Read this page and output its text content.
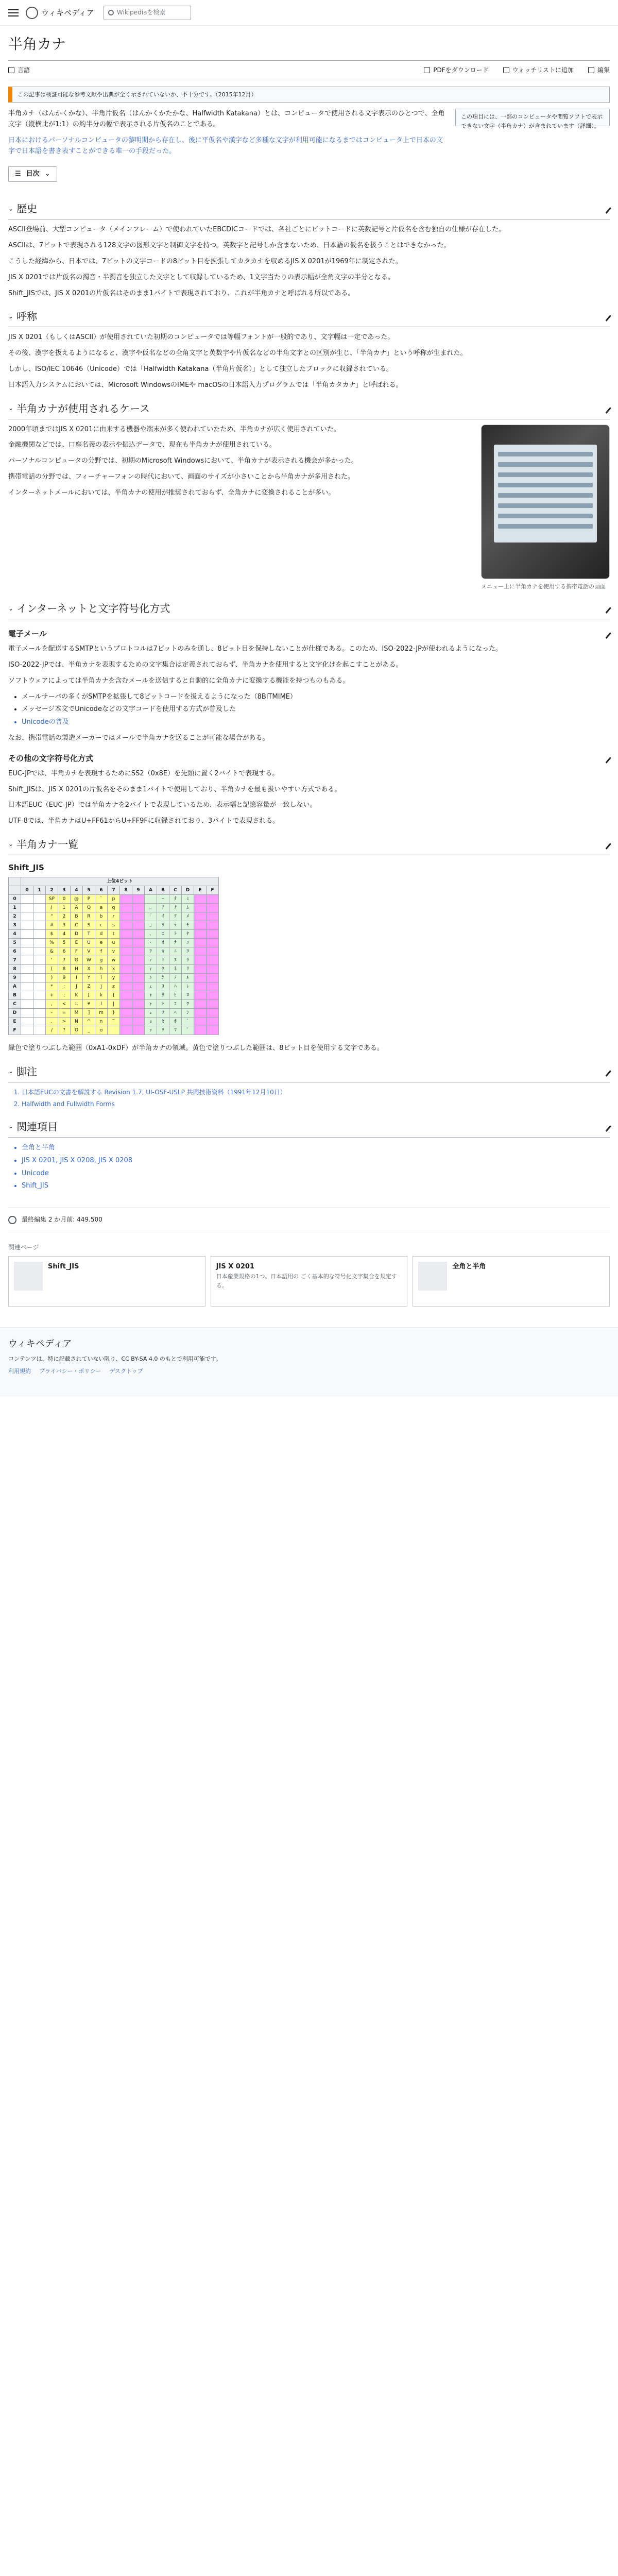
ウィキペディア	Wikipediaを検索
半角カナ
言語	PDFをダウンロード	ウォッチリストに追加	編集
この記事は検証可能な参考文献や出典が全く示されていないか、不十分です。（2015年12月）

半角カナ（はんかくかな）、半角片仮名（はんかくかたかな、Halfwidth Katakana）とは、コンピュータで使用される文字表示のひとつで、全角文字（縦横比が1:1）の約半分の幅で表示される片仮名のことである。

日本におけるパーソナルコンピュータの黎明期から存在し、後に平仮名や漢字など多種な文字が利用可能になるまではコンピュータ上で日本の文字で日本語を書き表すことができる唯一の手段だった。

この項目には、一部のコンピュータや閲覧ソフトで表示できない文字（半角カナ）が含まれています（詳細）。
☰ 目次 ⌄
⌄ 歴史

ASCII登場前、大型コンピュータ（メインフレーム）で使われていたEBCDICコードでは、各社ごとにビットコードに英数記号と片仮名を含む独自の仕様が存在した。

ASCIIは、7ビットで表現される128文字の図形文字と制御文字を持つ。英数字と記号しか含まないため、日本語の仮名を扱うことはできなかった。

こうした経緯から、日本では、7ビットの文字コードの8ビット目を拡張してカタカナを収めるJIS X 0201が1969年に制定された。

JIS X 0201では片仮名の濁音・半濁音を独立した文字として収録しているため、1文字当たりの表示幅が全角文字の半分となる。

Shift_JISでは、JIS X 0201の片仮名はそのまま1バイトで表現されており、これが半角カナと呼ばれる所以である。

⌄ 呼称

JIS X 0201（もしくはASCII）が使用されていた初期のコンピュータでは等幅フォントが一般的であり、文字幅は一定であった。

その後、漢字を扱えるようになると、漢字や仮名などの全角文字と英数字や片仮名などの半角文字との区別が生じ、「半角カナ」という呼称が生まれた。

しかし、ISO/IEC 10646（Unicode）では「Halfwidth Katakana（半角片仮名）」として独立したブロックに収録されている。

日本語入力システムにおいては、Microsoft WindowsのIMEや macOSの日本語入力プログラムでは「半角カタカナ」と呼ばれる。

⌄ 半角カナが使用されるケース

2000年頃まではJIS X 0201に由来する機器や端末が多く使われていたため、半角カナが広く使用されていた。

金融機関などでは、口座名義の表示や振込データで、現在も半角カナが使用されている。

パーソナルコンピュータの分野では、初期のMicrosoft Windowsにおいて、半角カナが表示される機会が多かった。

携帯電話の分野では、フィーチャーフォンの時代において、画面のサイズが小さいことから半角カナが多用された。

インターネットメールにおいては、半角カナの使用が推奨されておらず、全角カナに変換されることが多い。

メニュー上に半角カナを使用する携帯電話の画面
⌄ インターネットと文字符号化方式
電子メール

電子メールを配送するSMTPというプロトコルは7ビットのみを通し、8ビット目を保持しないことが仕様である。このため、ISO-2022-JPが使われるようになった。

ISO-2022-JPでは、半角カナを表現するための文字集合は定義されておらず、半角カナを使用すると文字化けを起こすことがある。

ソフトウェアによっては半角カナを含むメールを送信すると自動的に全角カナに変換する機能を持つものもある。

• メールサーバの多くがSMTPを拡張して8ビットコードを扱えるようになった（8BITMIME）
• メッセージ本文でUnicodeなどの文字コードを使用する方式が普及した
• Unicodeの普及

なお、携帯電話の製造メーカーではメールで半角カナを送ることが可能な場合がある。

その他の文字符号化方式

EUC-JPでは、半角カナを表現するためにSS2（0x8E）を先頭に置く2バイトで表現する。

Shift_JISは、JIS X 0201の片仮名をそのまま1バイトで使用しており、半角カナを最も扱いやすい方式である。

日本語EUC（EUC-JP）では半角カナを2バイトで表現しているため、表示幅と記憶容量が一致しない。

UTF-8では、半角カナはU+FF61からU+FF9Fに収録されており、3バイトで表現される。

⌄ 半角カナ一覧
Shift_JIS
	上位4ビット															
	0	1	2	3	4	5	6	7	8	9	A	B	C	D	E	F
0			SP	0	@	P	`	p				ｰ	ﾀ	ﾐ		
1			!	1	A	Q	a	q			｡	ｱ	ﾁ	ﾑ		
2			"	2	B	R	b	r			｢	ｲ	ﾂ	ﾒ		
3			#	3	C	S	c	s			｣	ｳ	ﾃ	ﾓ		
4			$	4	D	T	d	t			､	ｴ	ﾄ	ﾔ		
5			%	5	E	U	e	u			･	ｵ	ﾅ	ﾕ		
6			&	6	F	V	f	v			ｦ	ｶ	ﾆ	ﾖ		
7			'	7	G	W	g	w			ｧ	ｷ	ﾇ	ﾗ		
8			(	8	H	X	h	x			ｨ	ｸ	ﾈ	ﾘ		
9			)	9	I	Y	i	y			ｩ	ｹ	ﾉ	ﾙ		
A			*	:	J	Z	j	z			ｪ	ｺ	ﾊ	ﾚ		
B			+	;	K	[	k	{			ｫ	ｻ	ﾋ	ﾛ		
C			,	<	L	¥	l	|			ｬ	ｼ	ﾌ	ﾜ		
D			-	=	M	]	m	}			ｭ	ｽ	ﾍ	ﾝ		
E			.	>	N	^	n	‾			ｮ	ｾ	ﾎ	ﾞ		
F			/	?	O	_	o				ｯ	ｿ	ﾏ	ﾟ		

緑色で塗りつぶした範囲（0xA1-0xDF）が半角カナの領域。黄色で塗りつぶした範囲は、8ビット目を使用する文字である。

⌄ 脚注
1. 日本語EUCの文書を解説する Revision 1.7, UI-OSF-USLP 共同技術資料（1991年12月10日）
2. Halfwidth and Fullwidth Forms
⌄ 関連項目
• 全角と半角
• JIS X 0201, JIS X 0208, JIS X 0208
• Unicode
• Shift_JIS
最終編集 2 か月前: 449.500
関連ページ
Shift_JIS	JIS X 0201
日本産業規格の1つ。日本語用の ごく基本的な符号化文字集合を規定する。
全角と半角
ウィキペディア
コンテンツは、特に記載されていない限り、CC BY-SA 4.0 のもとで利用可能です。
利用規約 プライバシー・ポリシー デスクトップ
